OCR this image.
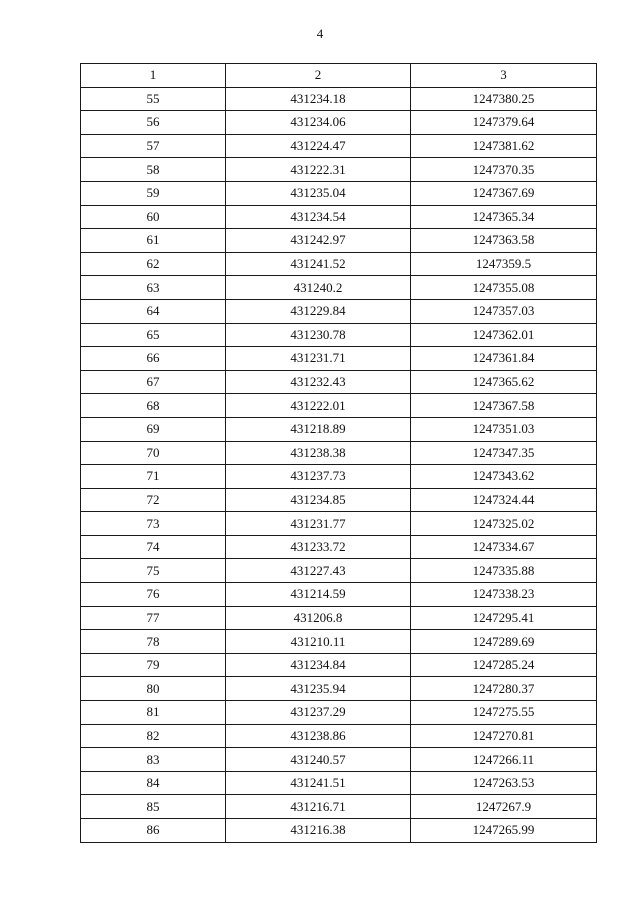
4
1	2	3
55	431234.18	1247380.25
56	431234.06	1247379.64
57	431224.47	1247381.62
58	431222.31	1247370.35
59	431235.04	1247367.69
60	431234.54	1247365.34
61	431242.97	1247363.58
62	431241.52	1247359.5
63	431240.2	1247355.08
64	431229.84	1247357.03
65	431230.78	1247362.01
66	431231.71	1247361.84
67	431232.43	1247365.62
68	431222.01	1247367.58
69	431218.89	1247351.03
70	431238.38	1247347.35
71	431237.73	1247343.62
72	431234.85	1247324.44
73	431231.77	1247325.02
74	431233.72	1247334.67
75	431227.43	1247335.88
76	431214.59	1247338.23
77	431206.8	1247295.41
78	431210.11	1247289.69
79	431234.84	1247285.24
80	431235.94	1247280.37
81	431237.29	1247275.55
82	431238.86	1247270.81
83	431240.57	1247266.11
84	431241.51	1247263.53
85	431216.71	1247267.9
86	431216.38	1247265.99
